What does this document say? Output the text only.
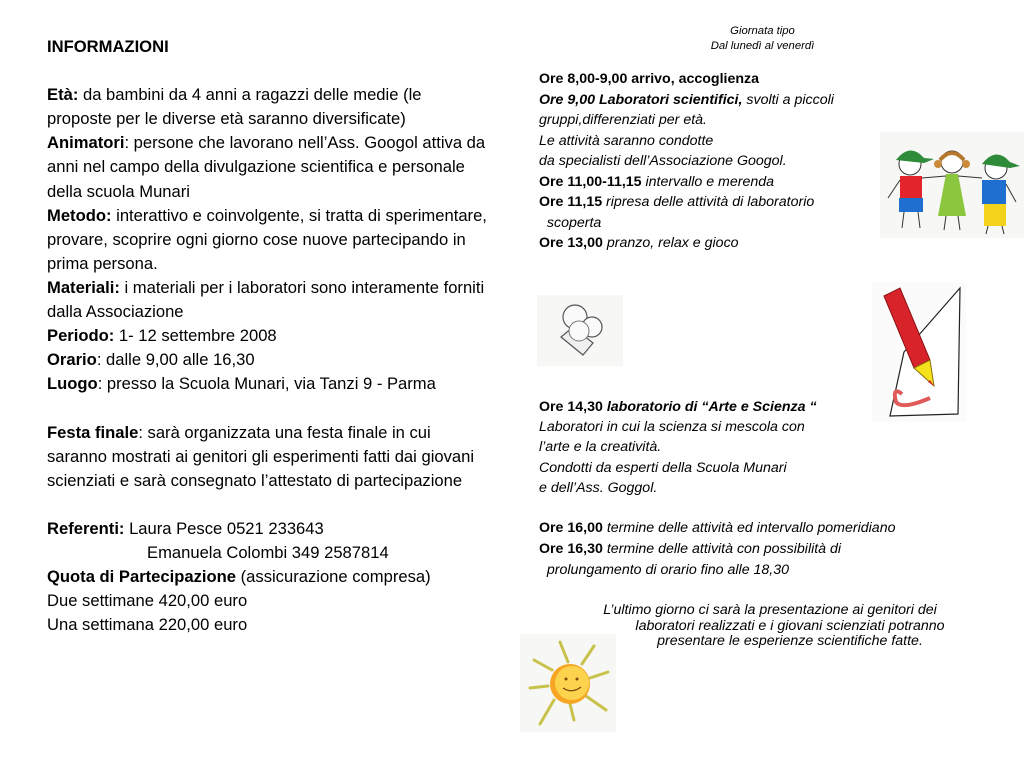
INFORMAZIONI
Età: da bambini da 4 anni a ragazzi delle medie (le proposte per le diverse età saranno diversificate)
Animatori: persone che lavorano nell’Ass. Googol attiva da anni nel campo della divulgazione scientifica e personale della scuola Munari
Metodo: interattivo e coinvolgente, si tratta di sperimentare, provare, scoprire ogni giorno cose nuove partecipando in prima persona.
Materiali: i materiali per i laboratori sono interamente forniti dalla Associazione
Periodo: 1- 12 settembre 2008
Orario: dalle 9,00 alle 16,30
Luogo: presso la Scuola Munari, via Tanzi 9 - Parma
Festa finale: sarà organizzata una festa finale in cui saranno mostrati ai genitori gli esperimenti fatti dai giovani scienziati e sarà consegnato l’attestato di partecipazione
Referenti: Laura Pesce 0521 233643
Emanuela Colombi 349 2587814
Quota di Partecipazione (assicurazione compresa)
Due settimane 420,00 euro
Una settimana 220,00 euro
Giornata tipo
Dal lunedì al venerdì
Ore 8,00-9,00 arrivo, accoglienza
Ore 9,00 Laboratori scientifici, svolti a piccoli
gruppi,differenziati per età.
Le attività saranno condotte
da specialisti dell’Associazione Googol.
Ore 11,00-11,15 intervallo e merenda
Ore 11,15 ripresa delle attività di laboratorio
scoperta
Ore 13,00 pranzo, relax e gioco
Ore 14,30 laboratorio di “Arte e Scienza “
Laboratori in cui la scienza si mescola con
l’arte e la creatività.
Condotti da esperti della Scuola Munari
e dell’Ass. Goggol.
Ore 16,00 termine delle attività ed intervallo pomeridiano
Ore 16,30 termine delle attività con possibilità di
prolungamento di orario fino alle 18,30
L’ultimo giorno ci sarà la presentazione ai genitori dei
laboratori realizzati e i giovani scienziati potranno
presentare le esperienze scientifiche fatte.
